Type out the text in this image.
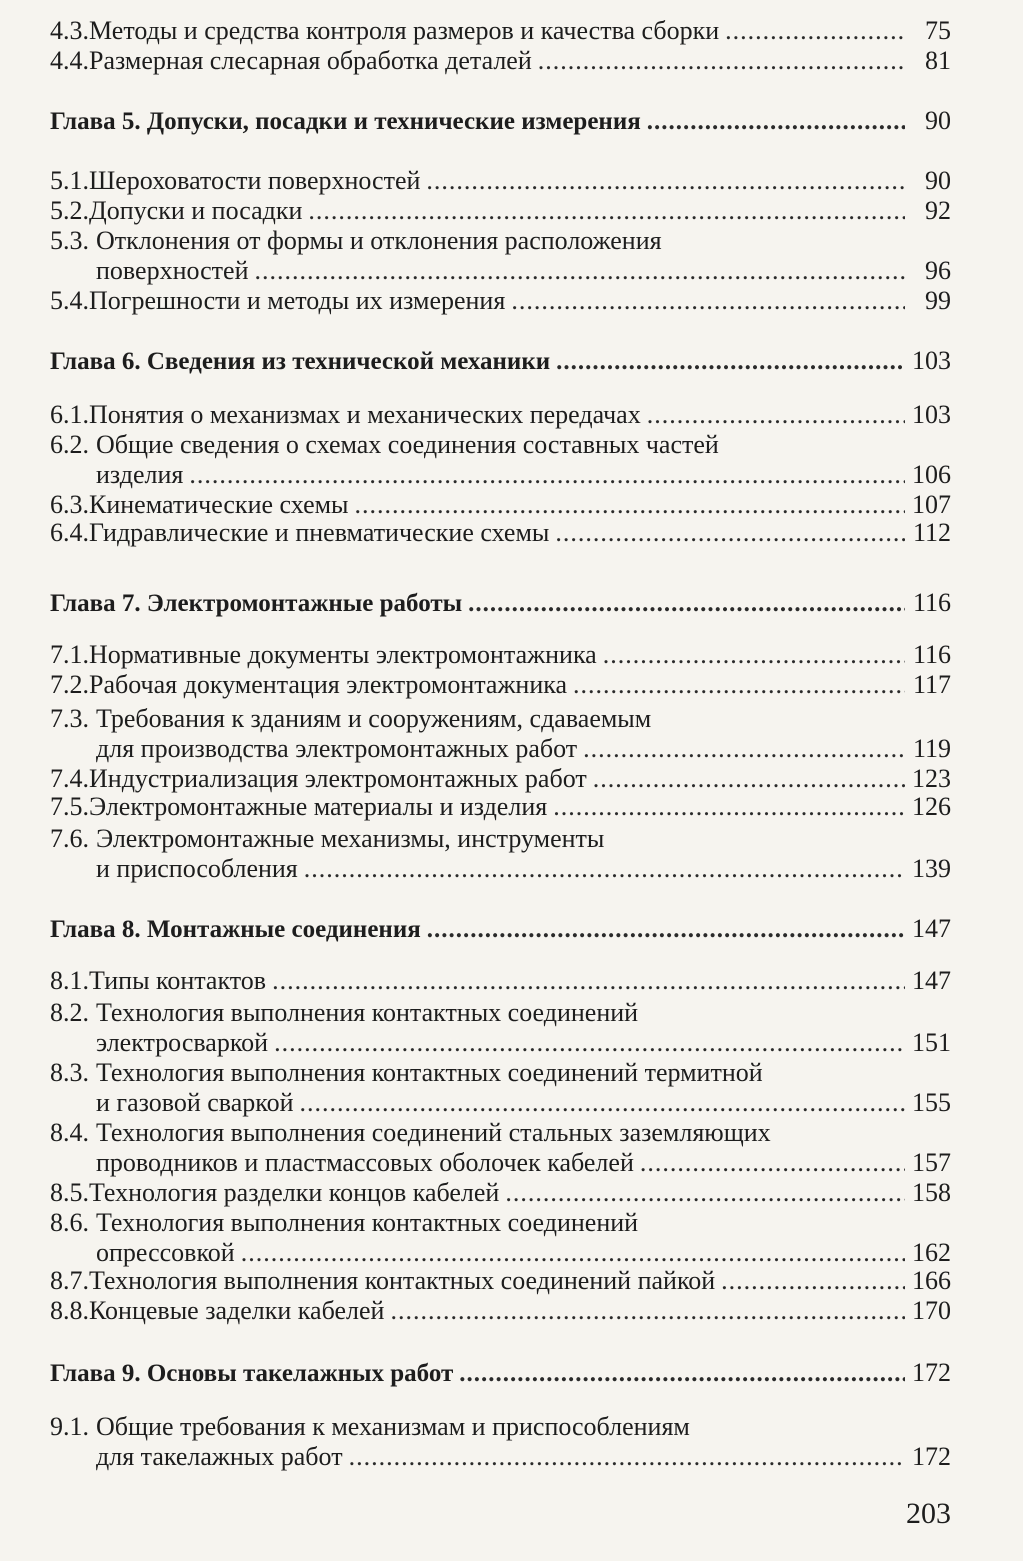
4.3. Методы и средства контроля размеров и качества сборки .....	75
4.4. Размерная слесарная обработка деталей .....	81
Глава 5. Допуски, посадки и технические измерения .....	90
5.1. Шероховатости поверхностей .....	90
5.2. Допуски и посадки .....	92
5.3. Отклонения от формы и отклонения расположения
поверхностей .....	96
5.4. Погрешности и методы их измерения .....	99
Глава 6. Сведения из технической механики .....	103
6.1. Понятия о механизмах и механических передачах .....	103
6.2. Общие сведения о схемах соединения составных частей
изделия .....	106
6.3. Кинематические схемы .....	107
6.4. Гидравлические и пневматические схемы .....	112
Глава 7. Электромонтажные работы .....	116
7.1. Нормативные документы электромонтажника .....	116
7.2. Рабочая документация электромонтажника .....	117
7.3. Требования к зданиям и сооружениям, сдаваемым
для производства электромонтажных работ .....	119
7.4. Индустриализация электромонтажных работ .....	123
7.5. Электромонтажные материалы и изделия .....	126
7.6. Электромонтажные механизмы, инструменты
и приспособления .....	139
Глава 8. Монтажные соединения .....	147
8.1. Типы контактов .....	147
8.2. Технология выполнения контактных соединений
электросваркой .....	151
8.3. Технология выполнения контактных соединений термитной
и газовой сваркой .....	155
8.4. Технология выполнения соединений стальных заземляющих
проводников и пластмассовых оболочек кабелей .....	157
8.5. Технология разделки концов кабелей .....	158
8.6. Технология выполнения контактных соединений
опрессовкой .....	162
8.7. Технология выполнения контактных соединений пайкой .....	166
8.8. Концевые заделки кабелей .....	170
Глава 9. Основы такелажных работ .....	172
9.1. Общие требования к механизмам и приспособлениям
для такелажных работ .....	172
203
